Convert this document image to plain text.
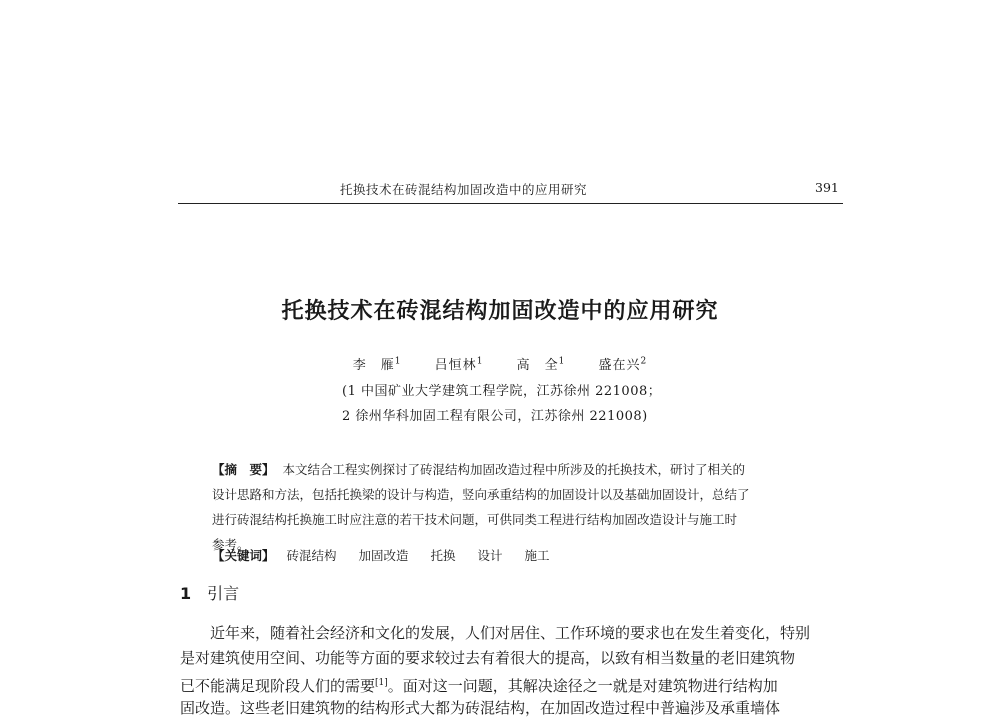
托换技术在砖混结构加固改造中的应用研究	391
托换技术在砖混结构加固改造中的应用研究
李　雁$^1$	吕恒林$^1$	高　全$^1$	盛在兴$^2$
(1 中国矿业大学建筑工程学院，江苏徐州 221008；
2 徐州华科加固工程有限公司，江苏徐州 221008)
【摘　要】 本文结合工程实例探讨了砖混结构加固改造过程中所涉及的托换技术，研讨了相关的
设计思路和方法，包括托换梁的设计与构造，竖向承重结构的加固设计以及基础加固设计，总结了
进行砖混结构托换施工时应注意的若干技术问题，可供同类工程进行结构加固改造设计与施工时
参考。
【关键词】 砖混结构 加固改造 托换 设计 施工
1 引言
近年来，随着社会经济和文化的发展，人们对居住、工作环境的要求也在发生着变化，特别
是对建筑使用空间、功能等方面的要求较过去有着很大的提高，以致有相当数量的老旧建筑物
已不能满足现阶段人们的需要[1]。面对这一问题，其解决途径之一就是对建筑物进行结构加
固改造。这些老旧建筑物的结构形式大都为砖混结构，在加固改造过程中普遍涉及承重墙体
